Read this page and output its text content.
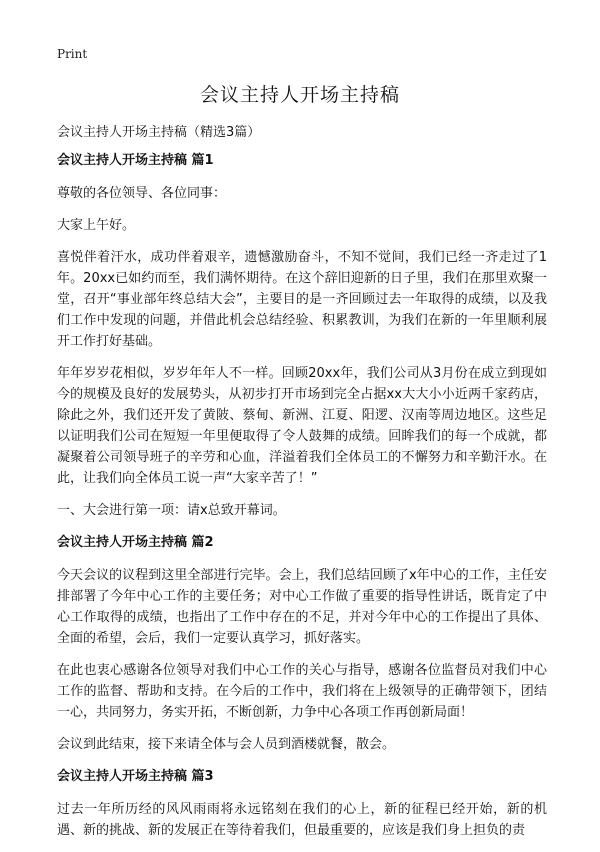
Print
会议主持人开场主持稿
会议主持人开场主持稿（精选3篇）
会议主持人开场主持稿 篇1

尊敬的各位领导、各位同事：

大家上午好。

喜悦伴着汗水，成功伴着艰辛，遗憾激励奋斗，不知不觉间，我们已经一齐走过了1年。20xx已如约而至，我们满怀期待。在这个辞旧迎新的日子里，我们在那里欢聚一堂，召开“事业部年终总结大会”，主要目的是一齐回顾过去一年取得的成绩，以及我们工作中发现的问题，并借此机会总结经验、积累教训，为我们在新的一年里顺利展开工作打好基础。

年年岁岁花相似，岁岁年年人不一样。回顾20xx年，我们公司从3月份在成立到现如今的规模及良好的发展势头，从初步打开市场到完全占据xx大大小小近两千家药店，除此之外，我们还开发了黄陂、蔡甸、新洲、江夏、阳逻、汉南等周边地区。这些足以证明我们公司在短短一年里便取得了令人鼓舞的成绩。回眸我们的每一个成就，都凝聚着公司领导班子的辛劳和心血，洋溢着我们全体员工的不懈努力和辛勤汗水。在此，让我们向全体员工说一声“大家辛苦了！”

一、大会进行第一项：请x总致开幕词。

会议主持人开场主持稿 篇2

今天会议的议程到这里全部进行完毕。会上，我们总结回顾了x年中心的工作，主任安排部署了今年中心工作的主要任务；对中心工作做了重要的指导性讲话，既肯定了中心工作取得的成绩，也指出了工作中存在的不足，并对今年中心的工作提出了具体、全面的希望，会后，我们一定要认真学习，抓好落实。

在此也衷心感谢各位领导对我们中心工作的关心与指导，感谢各位监督员对我们中心工作的监督、帮助和支持。在今后的工作中，我们将在上级领导的正确带领下，团结一心，共同努力，务实开拓，不断创新，力争中心各项工作再创新局面！

会议到此结束，接下来请全体与会人员到酒楼就餐，散会。

会议主持人开场主持稿 篇3

过去一年所历经的风风雨雨将永远铭刻在我们的心上，新的征程已经开始，新的机遇、新的挑战、新的发展正在等待着我们，但最重要的，应该是我们身上担负的责
